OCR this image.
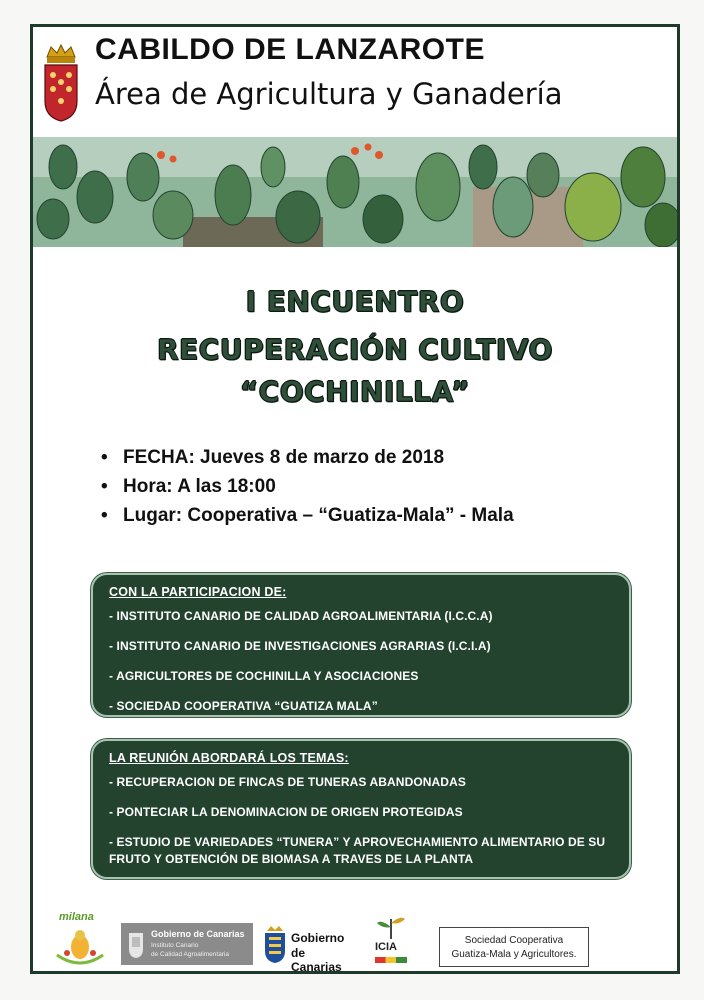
CABILDO DE LANZAROTE
Área de Agricultura y Ganadería
I ENCUENTRO
RECUPERACIÓN CULTIVO
“COCHINILLA”
• FECHA: Jueves 8 de marzo de 2018
• Hora: A las 18:00
• Lugar: Cooperativa – “Guatiza-Mala” - Mala
CON LA PARTICIPACION DE:
- INSTITUTO CANARIO DE CALIDAD AGROALIMENTARIA (I.C.C.A)
- INSTITUTO CANARIO DE INVESTIGACIONES AGRARIAS (I.C.I.A)
- AGRICULTORES DE COCHINILLA Y ASOCIACIONES
- SOCIEDAD COOPERATIVA “GUATIZA MALA”
LA REUNIÓN ABORDARÁ LOS TEMAS:
- RECUPERACION DE FINCAS DE TUNERAS ABANDONADAS
- PONTECIAR LA DENOMINACION DE ORIGEN PROTEGIDAS
- ESTUDIO DE VARIEDADES “TUNERA” Y APROVECHAMIENTO ALIMENTARIO DE SU FRUTO Y OBTENCIÓN DE BIOMASA A TRAVES DE LA PLANTA
milana
Gobierno de Canarias
Instituto Canario
de Calidad Agroalimentaria
Gobierno
de Canarias
ICIA
Sociedad Cooperativa
Guatiza-Mala y Agricultores.
